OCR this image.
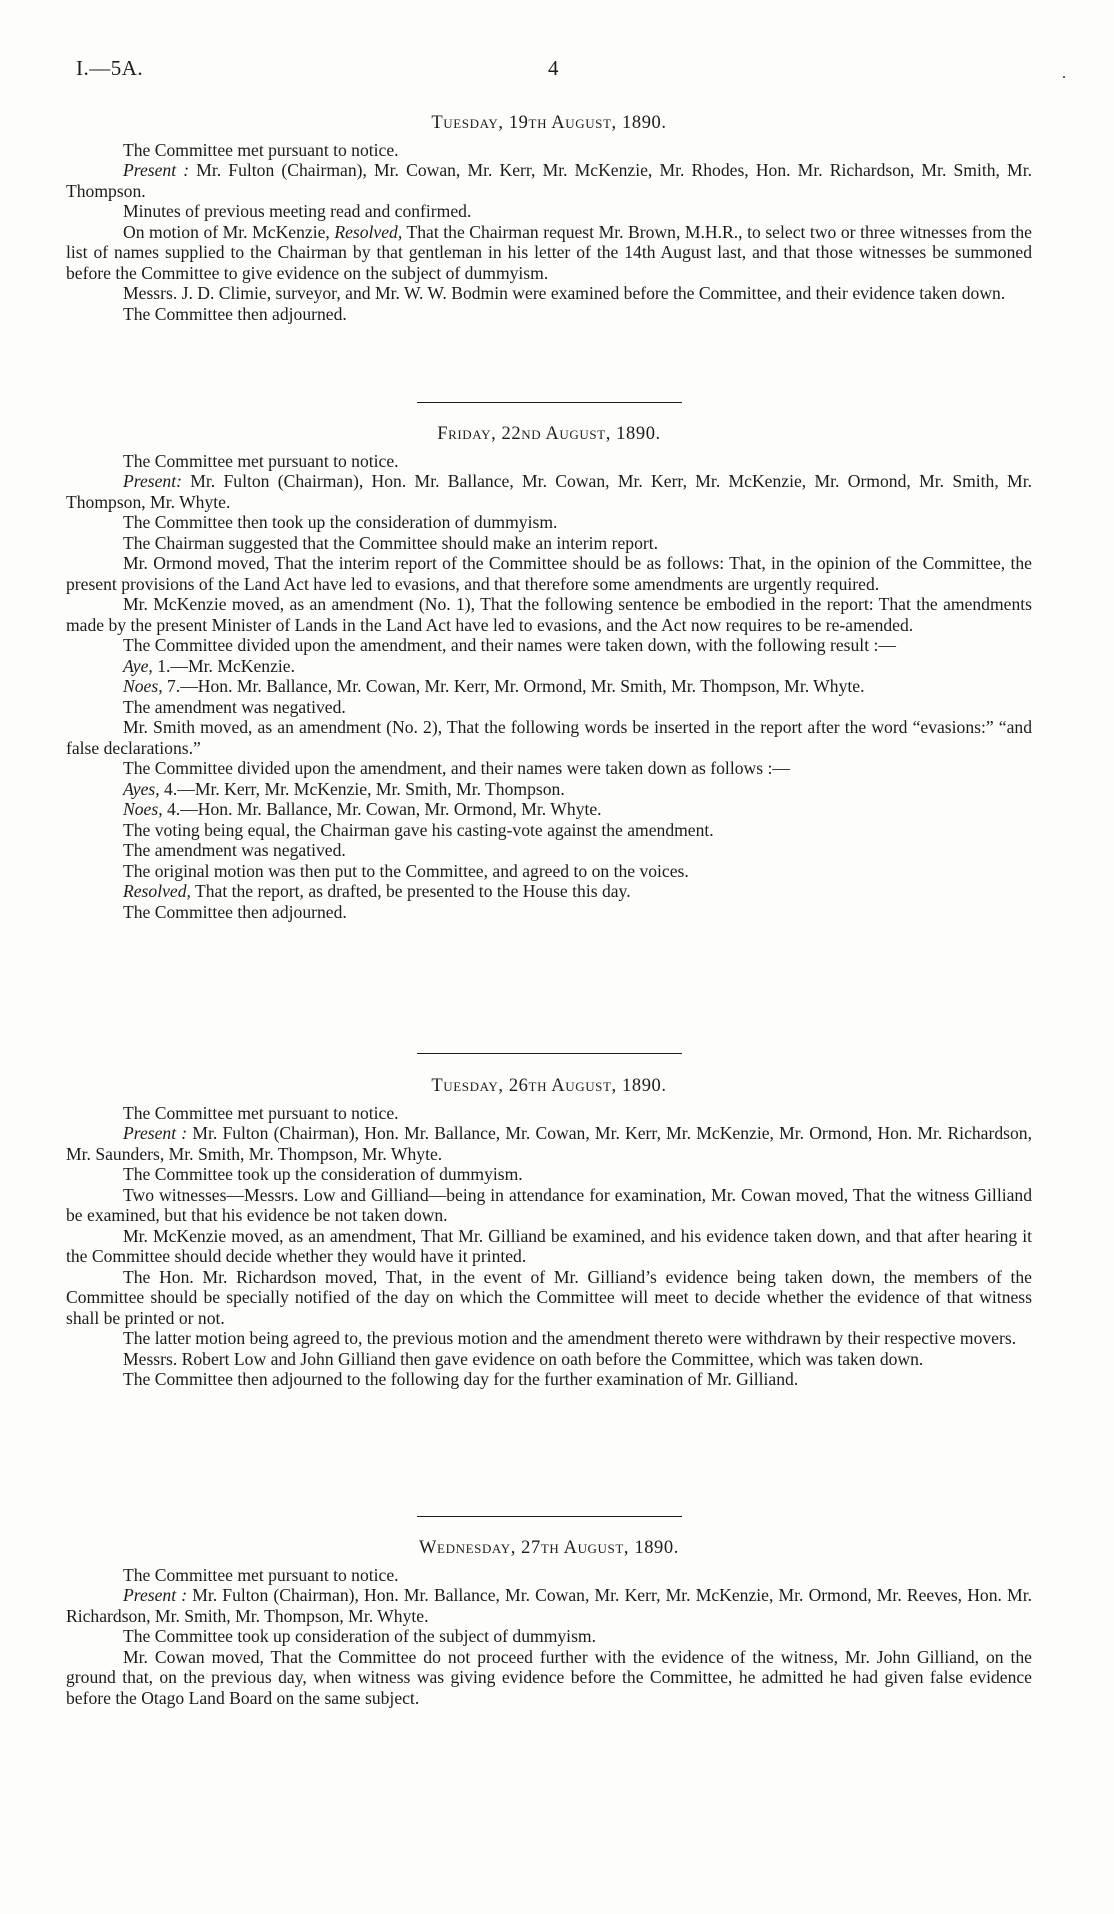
I.—5A.	4	.
Tuesday, 19th August, 1890.

The Committee met pursuant to notice.

Present : Mr. Fulton (Chairman), Mr. Cowan, Mr. Kerr, Mr. McKenzie, Mr. Rhodes, Hon. Mr. Richardson, Mr. Smith, Mr. Thompson.

Minutes of previous meeting read and confirmed.

On motion of Mr. McKenzie, Resolved, That the Chairman request Mr. Brown, M.H.R., to select two or three witnesses from the list of names supplied to the Chairman by that gentleman in his letter of the 14th August last, and that those witnesses be summoned before the Committee to give evidence on the subject of dummyism.

Messrs. J. D. Climie, surveyor, and Mr. W. W. Bodmin were examined before the Committee, and their evidence taken down.

The Committee then adjourned.

Friday, 22nd August, 1890.

The Committee met pursuant to notice.

Present: Mr. Fulton (Chairman), Hon. Mr. Ballance, Mr. Cowan, Mr. Kerr, Mr. McKenzie, Mr. Ormond, Mr. Smith, Mr. Thompson, Mr. Whyte.

The Committee then took up the consideration of dummyism.

The Chairman suggested that the Committee should make an interim report.

Mr. Ormond moved, That the interim report of the Committee should be as follows: That, in the opinion of the Committee, the present provisions of the Land Act have led to evasions, and that therefore some amendments are urgently required.

Mr. McKenzie moved, as an amendment (No. 1), That the following sentence be embodied in the report: That the amendments made by the present Minister of Lands in the Land Act have led to evasions, and the Act now requires to be re-amended.

The Committee divided upon the amendment, and their names were taken down, with the following result :—

Aye, 1.—Mr. McKenzie.

Noes, 7.—Hon. Mr. Ballance, Mr. Cowan, Mr. Kerr, Mr. Ormond, Mr. Smith, Mr. Thompson, Mr. Whyte.

The amendment was negatived.

Mr. Smith moved, as an amendment (No. 2), That the following words be inserted in the report after the word “evasions:” “and false declarations.”

The Committee divided upon the amendment, and their names were taken down as follows :—

Ayes, 4.—Mr. Kerr, Mr. McKenzie, Mr. Smith, Mr. Thompson.

Noes, 4.—Hon. Mr. Ballance, Mr. Cowan, Mr. Ormond, Mr. Whyte.

The voting being equal, the Chairman gave his casting-vote against the amendment.

The amendment was negatived.

The original motion was then put to the Committee, and agreed to on the voices.

Resolved, That the report, as drafted, be presented to the House this day.

The Committee then adjourned.

Tuesday, 26th August, 1890.

The Committee met pursuant to notice.

Present : Mr. Fulton (Chairman), Hon. Mr. Ballance, Mr. Cowan, Mr. Kerr, Mr. McKenzie, Mr. Ormond, Hon. Mr. Richardson, Mr. Saunders, Mr. Smith, Mr. Thompson, Mr. Whyte.

The Committee took up the consideration of dummyism.

Two witnesses—Messrs. Low and Gilliand—being in attendance for examination, Mr. Cowan moved, That the witness Gilliand be examined, but that his evidence be not taken down.

Mr. McKenzie moved, as an amendment, That Mr. Gilliand be examined, and his evidence taken down, and that after hearing it the Committee should decide whether they would have it printed.

The Hon. Mr. Richardson moved, That, in the event of Mr. Gilliand’s evidence being taken down, the members of the Committee should be specially notified of the day on which the Committee will meet to decide whether the evidence of that witness shall be printed or not.

The latter motion being agreed to, the previous motion and the amendment thereto were withdrawn by their respective movers.

Messrs. Robert Low and John Gilliand then gave evidence on oath before the Committee, which was taken down.

The Committee then adjourned to the following day for the further examination of Mr. Gilliand.

Wednesday, 27th August, 1890.

The Committee met pursuant to notice.

Present : Mr. Fulton (Chairman), Hon. Mr. Ballance, Mr. Cowan, Mr. Kerr, Mr. McKenzie, Mr. Ormond, Mr. Reeves, Hon. Mr. Richardson, Mr. Smith, Mr. Thompson, Mr. Whyte.

The Committee took up consideration of the subject of dummyism.

Mr. Cowan moved, That the Committee do not proceed further with the evidence of the witness, Mr. John Gilliand, on the ground that, on the previous day, when witness was giving evidence before the Committee, he admitted he had given false evidence before the Otago Land Board on the same subject.
